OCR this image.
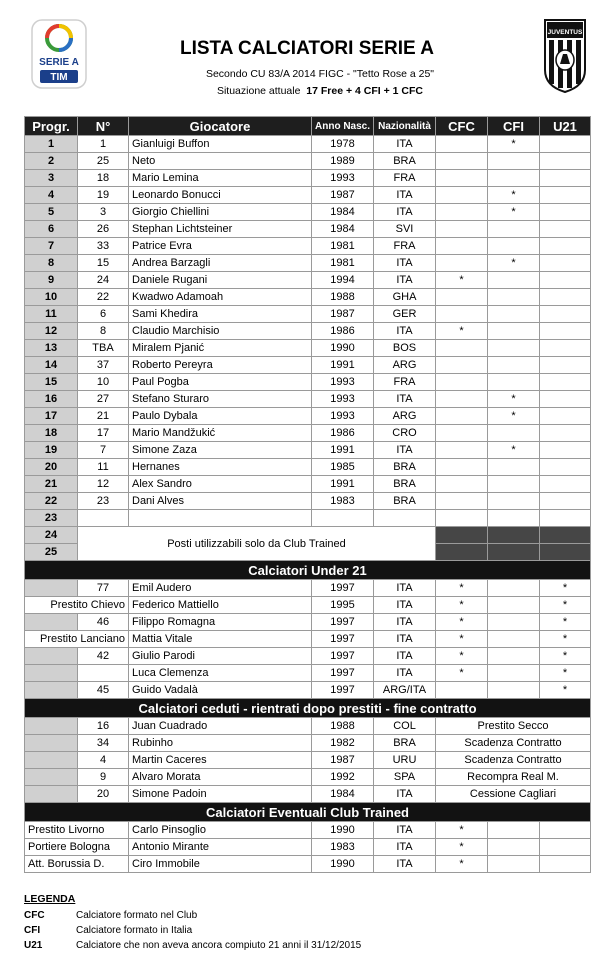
SERIE A
TIM
LISTA CALCIATORI SERIE A
Secondo CU 83/A 2014 FIGC - "Tetto Rose a 25"
Situazione attuale 17 Free + 4 CFI + 1 CFC
JUVENTUS
Progr.	N°	Giocatore	Anno Nasc.	Nazionalità	CFC	CFI	U21
1	1	Gianluigi Buffon	1978	ITA		*	
2	25	Neto	1989	BRA			
3	18	Mario Lemina	1993	FRA			
4	19	Leonardo Bonucci	1987	ITA		*	
5	3	Giorgio Chiellini	1984	ITA		*	
6	26	Stephan Lichtsteiner	1984	SVI			
7	33	Patrice Evra	1981	FRA			
8	15	Andrea Barzagli	1981	ITA		*	
9	24	Daniele Rugani	1994	ITA	*		
10	22	Kwadwo Adamoah	1988	GHA			
11	6	Sami Khedira	1987	GER			
12	8	Claudio Marchisio	1986	ITA	*		
13	TBA	Miralem Pjanić	1990	BOS			
14	37	Roberto Pereyra	1991	ARG			
15	10	Paul Pogba	1993	FRA			
16	27	Stefano Sturaro	1993	ITA		*	
17	21	Paulo Dybala	1993	ARG		*	
18	17	Mario Mandžukić	1986	CRO			
19	7	Simone Zaza	1991	ITA		*	
20	11	Hernanes	1985	BRA			
21	12	Alex Sandro	1991	BRA			
22	23	Dani Alves	1983	BRA			
23							
24	Posti utilizzabili solo da Club Trained						
25							
Calciatori Under 21							
	77	Emil Audero	1997	ITA	*		*
Prestito Chievo		Federico Mattiello	1995	ITA	*		*
	46	Filippo Romagna	1997	ITA	*		*
Prestito Lanciano		Mattia Vitale	1997	ITA	*		*
	42	Giulio Parodi	1997	ITA	*		*
		Luca Clemenza	1997	ITA	*		*
	45	Guido Vadalà	1997	ARG/ITA			*
Calciatori ceduti - rientrati dopo prestiti - fine contratto							
	16	Juan Cuadrado	1988	COL	Prestito Secco		
	34	Rubinho	1982	BRA	Scadenza Contratto		
	4	Martin Caceres	1987	URU	Scadenza Contratto		
	9	Alvaro Morata	1992	SPA	Recompra Real M.		
	20	Simone Padoin	1984	ITA	Cessione Cagliari		
Calciatori Eventuali Club Trained							
Prestito Livorno		Carlo Pinsoglio	1990	ITA	*		
Portiere Bologna		Antonio Mirante	1983	ITA	*		
Att. Borussia D.		Ciro Immobile	1990	ITA	*		
LEGENDA
CFC	Calciatore formato nel Club
CFI	Calciatore formato in Italia
U21	Calciatore che non aveva ancora compiuto 21 anni il 31/12/2015
